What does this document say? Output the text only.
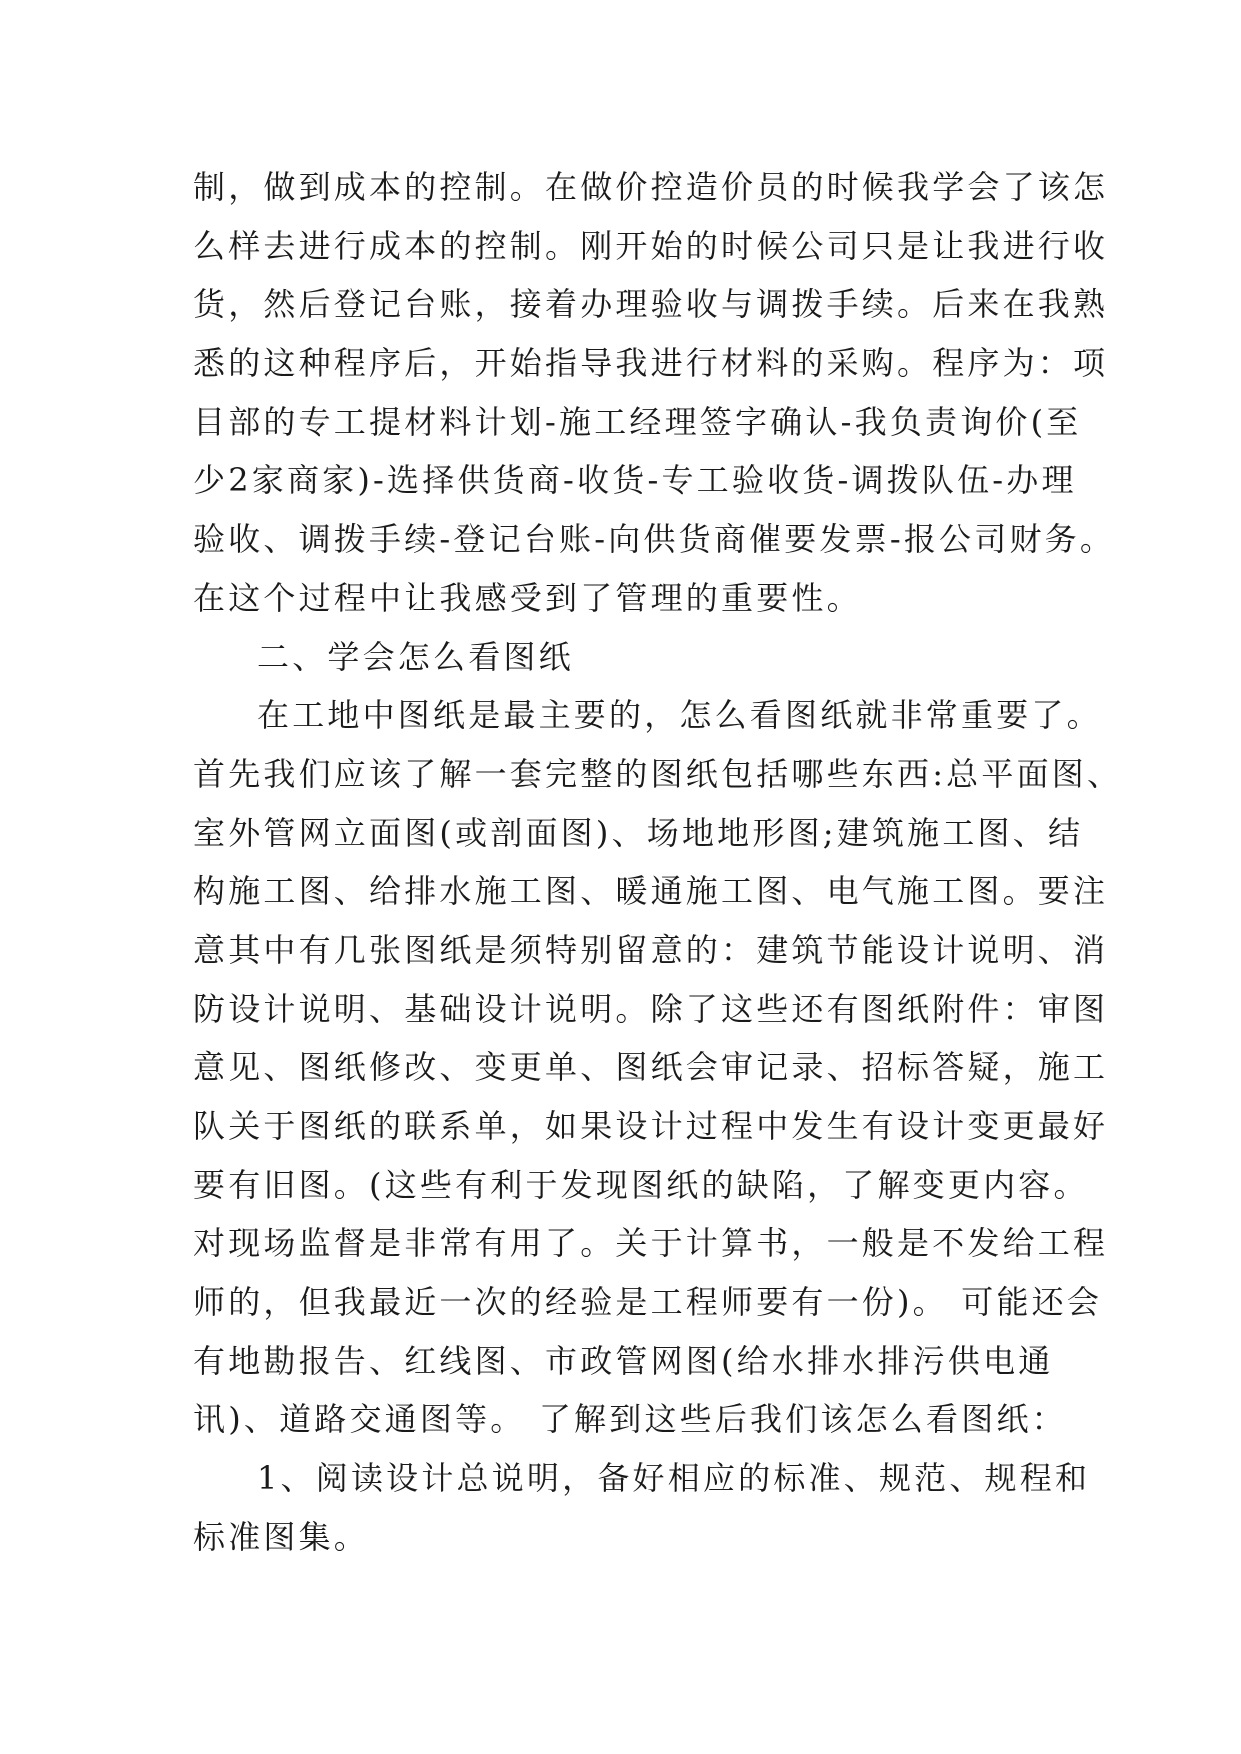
制，做到成本的控制。在做价控造价员的时候我学会了该怎
么样去进行成本的控制。刚开始的时候公司只是让我进行收
货，然后登记台账，接着办理验收与调拨手续。后来在我熟
悉的这种程序后，开始指导我进行材料的采购。程序为：项
目部的专工提材料计划-施工经理签字确认-我负责询价(至
少2家商家)-选择供货商-收货-专工验收货-调拨队伍-办理
验收、调拨手续-登记台账-向供货商催要发票-报公司财务。
在这个过程中让我感受到了管理的重要性。
二、学会怎么看图纸
在工地中图纸是最主要的，怎么看图纸就非常重要了。
首先我们应该了解一套完整的图纸包括哪些东西:总平面图、
室外管网立面图(或剖面图)、场地地形图;建筑施工图、结
构施工图、给排水施工图、暖通施工图、电气施工图。要注
意其中有几张图纸是须特别留意的：建筑节能设计说明、消
防设计说明、基础设计说明。除了这些还有图纸附件：审图
意见、图纸修改、变更单、图纸会审记录、招标答疑，施工
队关于图纸的联系单，如果设计过程中发生有设计变更最好
要有旧图。(这些有利于发现图纸的缺陷，了解变更内容。
对现场监督是非常有用了。关于计算书，一般是不发给工程
师的，但我最近一次的经验是工程师要有一份)。 可能还会
有地勘报告、红线图、市政管网图(给水排水排污供电通
讯)、道路交通图等。 了解到这些后我们该怎么看图纸：
1、阅读设计总说明，备好相应的标准、规范、规程和
标准图集。
